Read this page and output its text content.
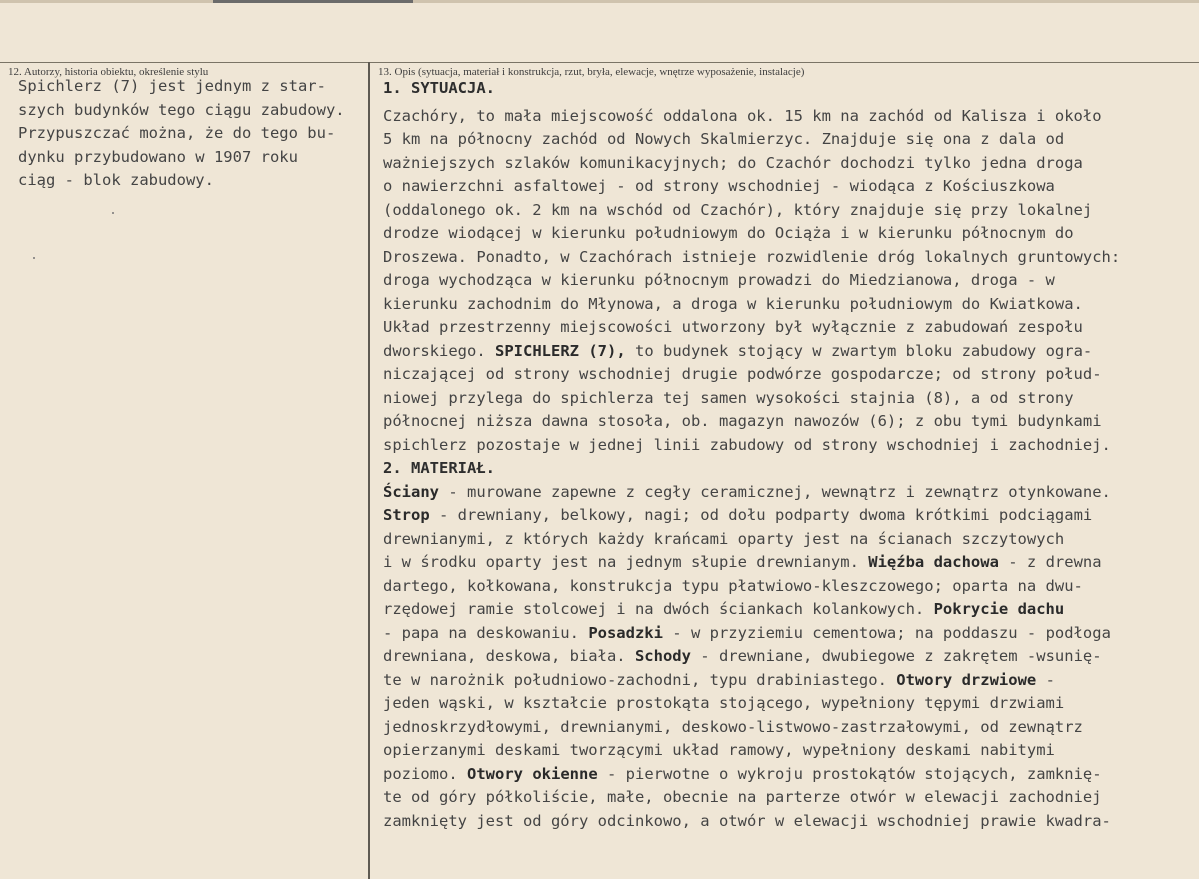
12. Autorzy, historia obiektu, określenie stylu
Spichlerz (7) jest jednym z star-
szych budynków tego ciągu zabudowy.
Przypuszczać można, że do tego bu-
dynku przybudowano w 1907 roku
ciąg - blok zabudowy.
13. Opis (sytuacja, materiał i konstrukcja, rzut, bryła, elewacje, wnętrze wyposażenie, instalacje)
1. SYTUACJA.
Czachóry, to mała miejscowość oddalona ok. 15 km na zachód od Kalisza i około
5 km na północny zachód od Nowych Skalmierzyc. Znajduje się ona z dala od
ważniejszych szlaków komunikacyjnych; do Czachór dochodzi tylko jedna droga
o nawierzchni asfaltowej - od strony wschodniej - wiodąca z Kościuszkowa
(oddalonego ok. 2 km na wschód od Czachór), który znajduje się przy lokalnej
drodze wiodącej w kierunku południowym do Ociąża i w kierunku północnym do
Droszewa. Ponadto, w Czachórach istnieje rozwidlenie dróg lokalnych gruntowych:
droga wychodząca w kierunku północnym prowadzi do Miedzianowa, droga - w
kierunku zachodnim do Młynowa, a droga w kierunku południowym do Kwiatkowa.
Układ przestrzenny miejscowości utworzony był wyłącznie z zabudowań zespołu
dworskiego. SPICHLERZ (7), to budynek stojący w zwartym bloku zabudowy ogra-
niczającej od strony wschodniej drugie podwórze gospodarcze; od strony połud-
niowej przylega do spichlerza tej samen wysokości stajnia (8), a od strony
północnej niższa dawna stosoła, ob. magazyn nawozów (6); z obu tymi budynkami
spichlerz pozostaje w jednej linii zabudowy od strony wschodniej i zachodniej.
2. MATERIAŁ.
Ściany - murowane zapewne z cegły ceramicznej, wewnątrz i zewnątrz otynkowane.
Strop - drewniany, belkowy, nagi; od dołu podparty dwoma krótkimi podciągami
drewnianymi, z których każdy krańcami oparty jest na ścianach szczytowych
i w środku oparty jest na jednym słupie drewnianym. Więźba dachowa - z drewna
dartego, kołkowana, konstrukcja typu płatwiowo-kleszczowego; oparta na dwu-
rzędowej ramie stolcowej i na dwóch ściankach kolankowych. Pokrycie dachu
- papa na deskowaniu. Posadzki - w przyziemiu cementowa; na poddaszu - podłoga
drewniana, deskowa, biała. Schody - drewniane, dwubiegowe z zakrętem -wsunię-
te w narożnik południowo-zachodni, typu drabiniastego. Otwory drzwiowe -
jeden wąski, w kształcie prostokąta stojącego, wypełniony tępymi drzwiami
jednoskrzydłowymi, drewnianymi, deskowo-listwowo-zastrzałowymi, od zewnątrz
opierzanymi deskami tworzącymi układ ramowy, wypełniony deskami nabitymi
poziomo. Otwory okienne - pierwotne o wykroju prostokątów stojących, zamknię-
te od góry półkoliście, małe, obecnie na parterze otwór w elewacji zachodniej
zamknięty jest od góry odcinkowo, a otwór w elewacji wschodniej prawie kwadra-
